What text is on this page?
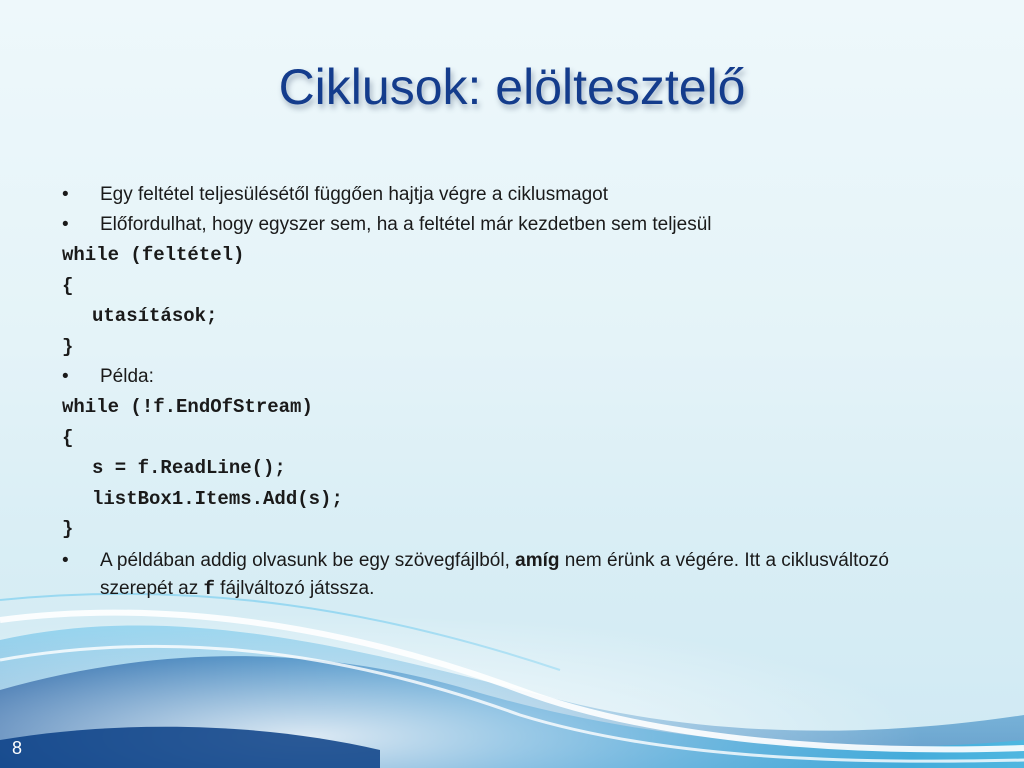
Ciklusok: elöltesztelő
•	Egy feltétel teljesülésétől függően hajtja végre a ciklusmagot
•	Előfordulhat, hogy egyszer sem, ha a feltétel már kezdetben sem teljesül
while (feltétel)
{
utasítások;
}
•	Példa:
while (!f.EndOfStream)
{
s = f.ReadLine();
listBox1.Items.Add(s);
}
•	A példában addig olvasunk be egy szövegfájlból, amíg nem érünk a végére. Itt a ciklusváltozó szerepét az f fájlváltozó játssza.
8
